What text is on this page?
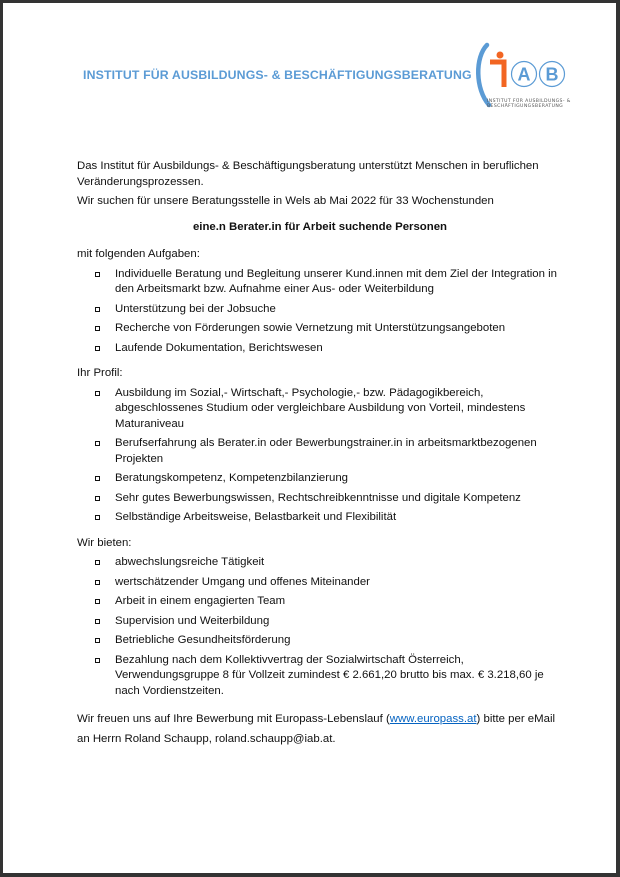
INSTITUT FÜR AUSBILDUNGS- & BESCHÄFTIGUNGSBERATUNG	A B
INSTITUT FÜR AUSBILDUNGS- &
BESCHÄFTIGUNGSBERATUNG

Das Institut für Ausbildungs- & Beschäftigungsberatung unterstützt Menschen in beruflichen Veränderungsprozessen.

Wir suchen für unsere Beratungsstelle in Wels ab Mai 2022 für 33 Wochenstunden

eine.n Berater.in für Arbeit suchende Personen

mit folgenden Aufgaben:

Individuelle Beratung und Begleitung unserer Kund.innen mit dem Ziel der Integration in den Arbeitsmarkt bzw. Aufnahme einer Aus- oder Weiterbildung
Unterstützung bei der Jobsuche
Recherche von Förderungen sowie Vernetzung mit Unterstützungsangeboten
Laufende Dokumentation, Berichtswesen

Ihr Profil:

Ausbildung im Sozial,- Wirtschaft,- Psychologie,- bzw. Pädagogikbereich, abgeschlossenes Studium oder vergleichbare Ausbildung von Vorteil, mindestens Maturaniveau
Berufserfahrung als Berater.in oder Bewerbungstrainer.in in arbeitsmarktbezogenen Projekten
Beratungskompetenz, Kompetenzbilanzierung
Sehr gutes Bewerbungswissen, Rechtschreibkenntnisse und digitale Kompetenz
Selbständige Arbeitsweise, Belastbarkeit und Flexibilität

Wir bieten:

abwechslungsreiche Tätigkeit
wertschätzender Umgang und offenes Miteinander
Arbeit in einem engagierten Team
Supervision und Weiterbildung
Betriebliche Gesundheitsförderung
Bezahlung nach dem Kollektivvertrag der Sozialwirtschaft Österreich, Verwendungsgruppe 8 für Vollzeit zumindest € 2.661,20 brutto bis max. € 3.218,60 je nach Vordienstzeiten.

Wir freuen uns auf Ihre Bewerbung mit Europass-Lebenslauf (www.europass.at) bitte per eMail an Herrn Roland Schaupp, roland.schaupp@iab.at.
